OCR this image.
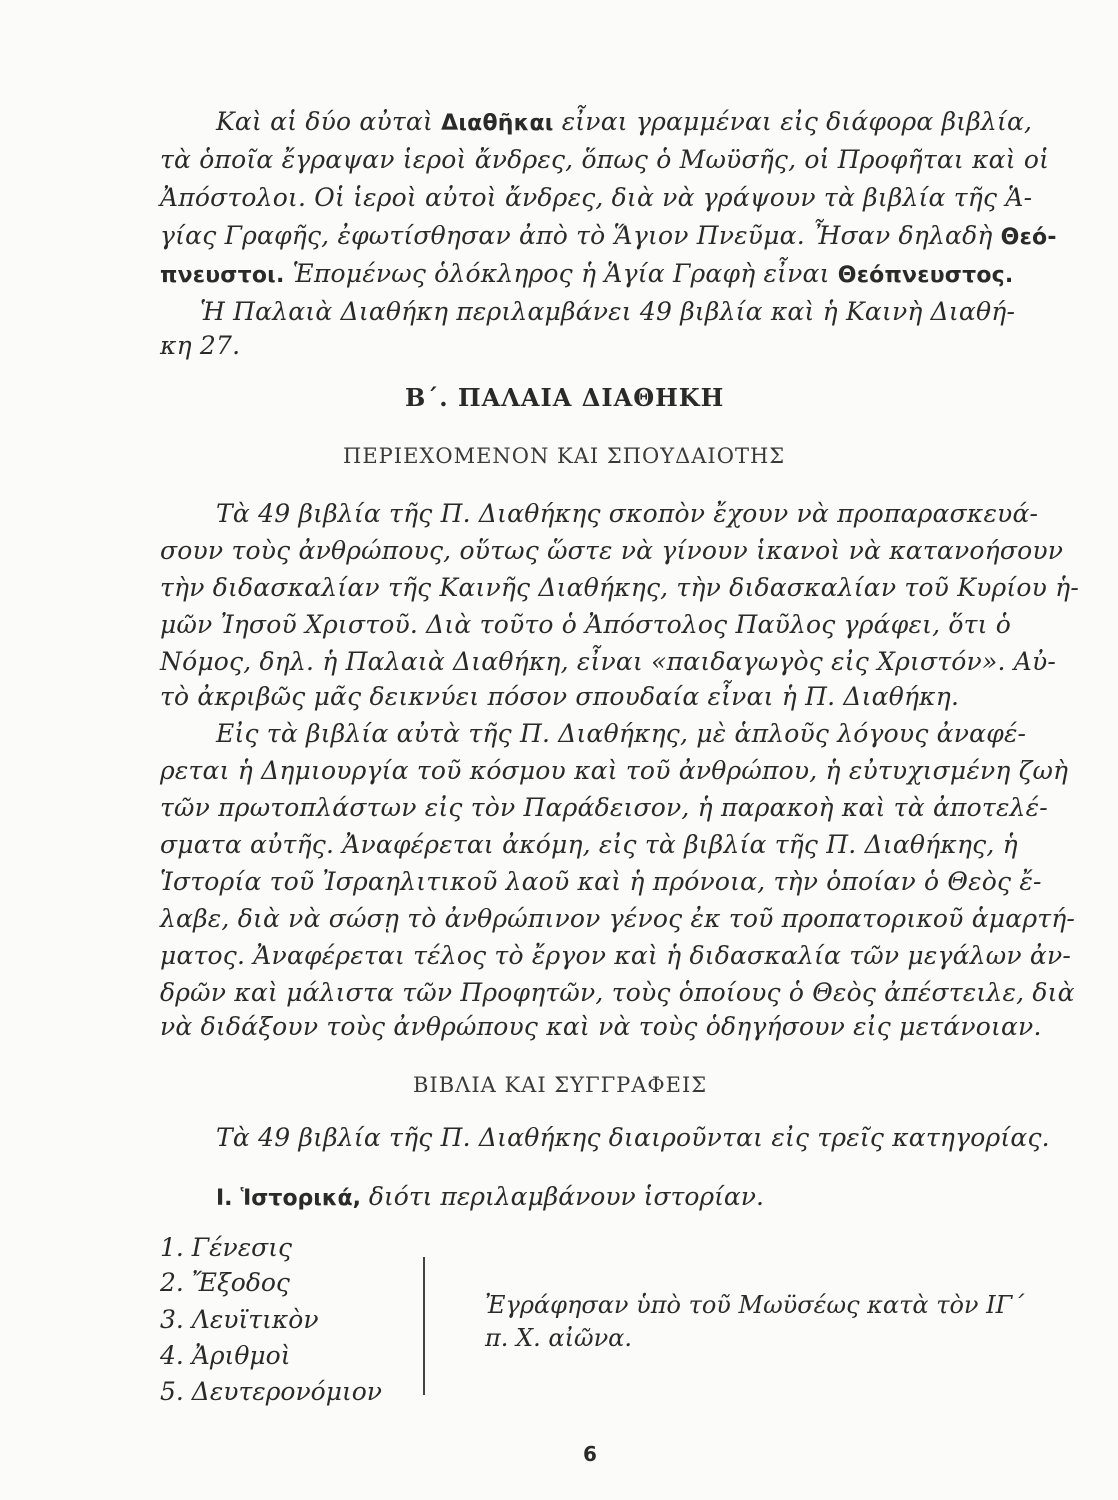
Καὶ αἱ δύο αὐταὶ Διαθῆκαι εἶναι γραμμέναι εἰς διάφορα βιβλία,
τὰ ὁποῖα ἔγραψαν ἱεροὶ ἄνδρες, ὅπως ὁ Μωϋσῆς, οἱ Προφῆται καὶ οἱ
Ἀπόστολοι. Οἱ ἱεροὶ αὐτοὶ ἄνδρες, διὰ νὰ γράψουν τὰ βιβλία τῆς Ἁ-
γίας Γραφῆς, ἐφωτίσθησαν ἀπὸ τὸ Ἅγιον Πνεῦμα. Ἦσαν δηλαδὴ Θεό-
πνευστοι. Ἑπομένως ὁλόκληρος ἡ Ἁγία Γραφὴ εἶναι Θεόπνευστος.
Ἡ Παλαιὰ Διαθήκη περιλαμβάνει 49 βιβλία καὶ ἡ Καινὴ Διαθή-
κη 27.
Β΄. ΠΑΛΑΙΑ ΔΙΑΘΗΚΗ
ΠΕΡΙΕΧΟΜΕΝΟΝ ΚΑΙ ΣΠΟΥΔΑΙΟΤΗΣ
Τὰ 49 βιβλία τῆς Π. Διαθήκης σκοπὸν ἔχουν νὰ προπαρασκευά-
σουν τοὺς ἀνθρώπους, οὕτως ὥστε νὰ γίνουν ἱκανοὶ νὰ κατανοήσουν
τὴν διδασκαλίαν τῆς Καινῆς Διαθήκης, τὴν διδασκαλίαν τοῦ Κυρίου ἡ-
μῶν Ἰησοῦ Χριστοῦ. Διὰ τοῦτο ὁ Ἀπόστολος Παῦλος γράφει, ὅτι ὁ
Νόμος, δηλ. ἡ Παλαιὰ Διαθήκη, εἶναι «παιδαγωγὸς εἰς Χριστόν». Αὐ-
τὸ ἀκριβῶς μᾶς δεικνύει πόσον σπουδαία εἶναι ἡ Π. Διαθήκη.
Εἰς τὰ βιβλία αὐτὰ τῆς Π. Διαθήκης, μὲ ἁπλοῦς λόγους ἀναφέ-
ρεται ἡ Δημιουργία τοῦ κόσμου καὶ τοῦ ἀνθρώπου, ἡ εὐτυχισμένη ζωὴ
τῶν πρωτοπλάστων εἰς τὸν Παράδεισον, ἡ παρακοὴ καὶ τὰ ἀποτελέ-
σματα αὐτῆς. Ἀναφέρεται ἀκόμη, εἰς τὰ βιβλία τῆς Π. Διαθήκης, ἡ
Ἱστορία τοῦ Ἰσραηλιτικοῦ λαοῦ καὶ ἡ πρόνοια, τὴν ὁποίαν ὁ Θεὸς ἔ-
λαβε, διὰ νὰ σώσῃ τὸ ἀνθρώπινον γένος ἐκ τοῦ προπατορικοῦ ἁμαρτή-
ματος. Ἀναφέρεται τέλος τὸ ἔργον καὶ ἡ διδασκαλία τῶν μεγάλων ἀν-
δρῶν καὶ μάλιστα τῶν Προφητῶν, τοὺς ὁποίους ὁ Θεὸς ἀπέστειλε, διὰ
νὰ διδάξουν τοὺς ἀνθρώπους καὶ νὰ τοὺς ὁδηγήσουν εἰς μετάνοιαν.
ΒΙΒΛΙΑ ΚΑΙ ΣΥΓΓΡΑΦΕΙΣ
Τὰ 49 βιβλία τῆς Π. Διαθήκης διαιροῦνται εἰς τρεῖς κατηγορίας.
Ι. Ἱστορικά, διότι περιλαμβάνουν ἱστορίαν.
1. Γένεσις
2. Ἔξοδος
3. Λευϊτικὸν
4. Ἀριθμοὶ
5. Δευτερονόμιον
Ἐγράφησαν ὑπὸ τοῦ Μωϋσέως κατὰ τὸν ΙΓ΄
π. Χ. αἰῶνα.
6
